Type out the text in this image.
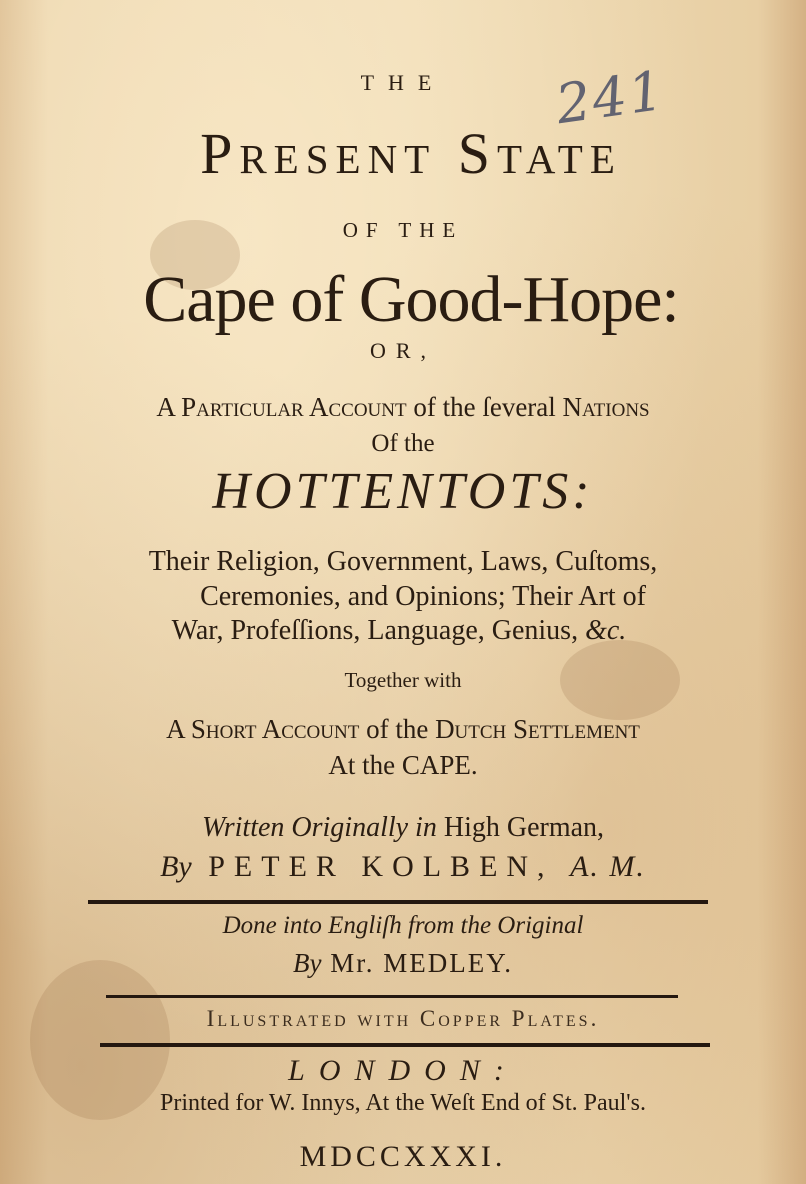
241
THE
Present State
OF THE
Cape of Good-Hope:
OR,
A Particular Account of the ſeveral Nations
Of the
HOTTENTOTS:
Their Religion, Government, Laws, Cuſtoms,
Ceremonies, and Opinions; Their Art of
War, Profeſſions, Language, Genius, &c.
Together with
A Short Account of the Dutch Settlement
At the CAPE.
Written Originally in High German,
By PETER KOLBEN, A. M.
Done into Engliſh from the Original
By Mr. MEDLEY.
Illustrated with Copper Plates.
LONDON:
Printed for W. Innys, At the Weſt End of St. Paul's.
MDCCXXXI.
